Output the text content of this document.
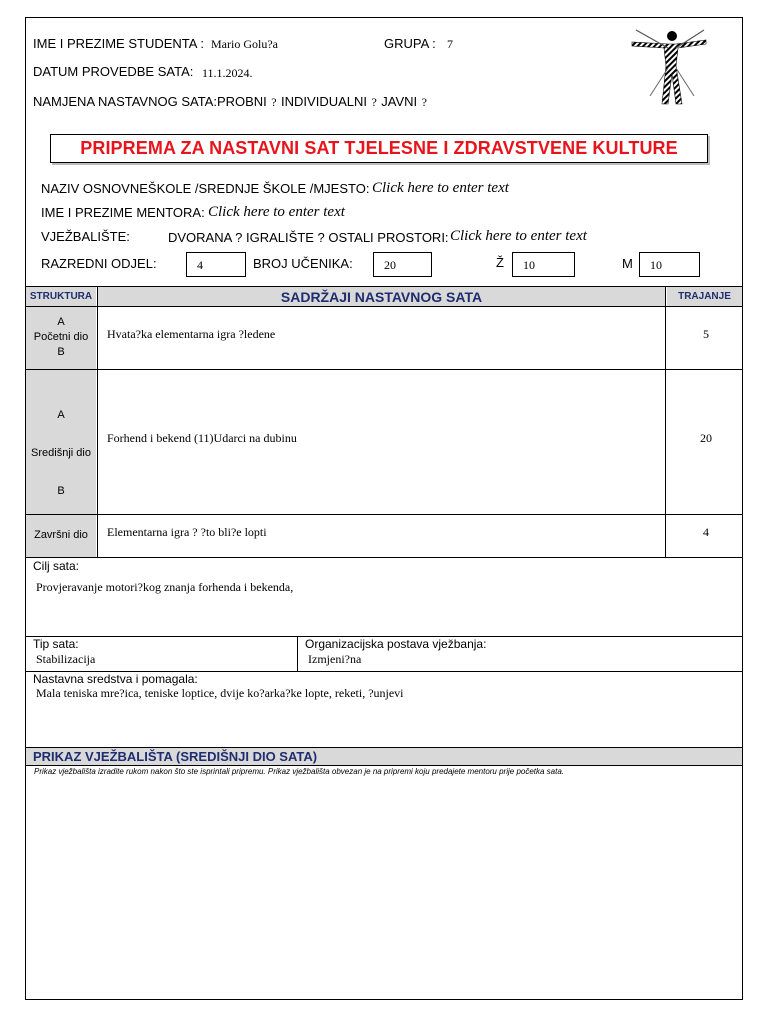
IME I PREZIME STUDENTA : Mario Golu?a	GRUPA : 7
DATUM PROVEDBE SATA: 11.1.2024.
NAMJENA NASTAVNOG SATA:PROBNI ? INDIVIDUALNI ? JAVNI ?
PRIPREMA ZA NASTAVNI SAT TJELESNE I ZDRAVSTVENE KULTURE
NAZIV OSNOVNEŠKOLE /SREDNJE ŠKOLE /MJESTO: Click here to enter text
IME I PREZIME MENTORA: Click here to enter text
VJEŽBALIŠTE:	DVORANA ? IGRALIŠTE ? OSTALI PROSTORI: Click here to enter text
RAZREDNI ODJEL:	4	BROJ UČENIKA:	20	Ž 10	M 10
STRUKTURA	SADRŽAJI NASTAVNOG SATA	TRAJANJE
A
Početni dio
B
Hvata?ka elementarna igra ?ledene	5
A
Središnji dio
B
Forhend i bekend (11)Udarci na dubinu	20
Završni dio	Elementarna igra ? ?to bli?e lopti	4
Cilj sata:
Provjeravanje motori?kog znanja forhenda i bekenda,
Tip sata:
Stabilizacija
Organizacijska postava vježbanja:
Izmjeni?na
Nastavna sredstva i pomagala:
Mala teniska mre?ica, teniske loptice, dvije ko?arka?ke lopte, reketi, ?unjevi
PRIKAZ VJEŽBALIŠTA (SREDIŠNJI DIO SATA)
Prikaz vježbališta izradite rukom nakon što ste isprintali pripremu. Prikaz vježbališta obvezan je na pripremi koju predajete mentoru prije početka sata.
